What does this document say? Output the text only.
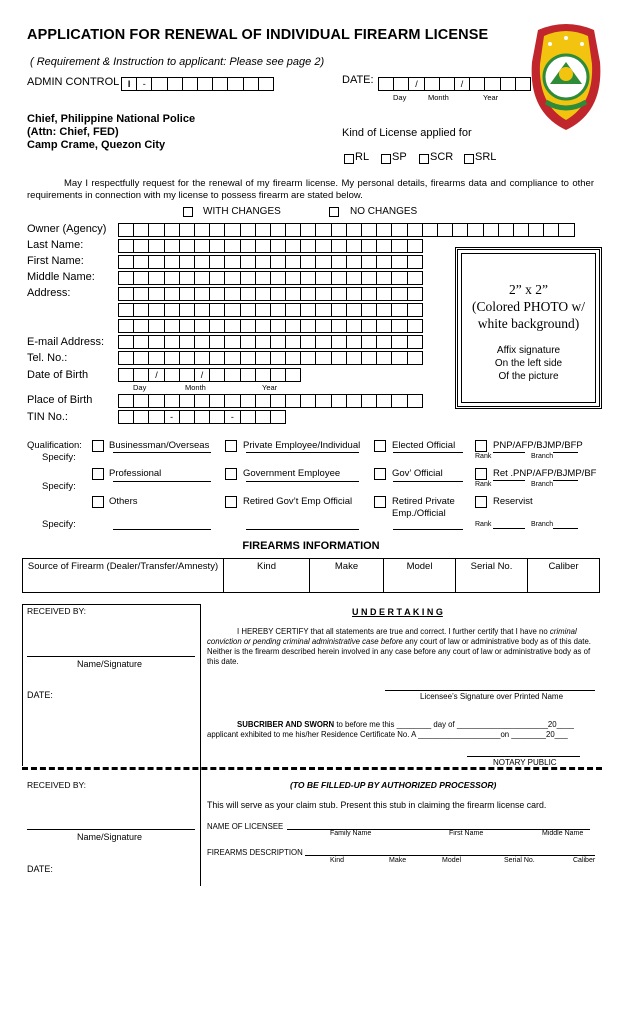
APPLICATION FOR RENEWAL OF INDIVIDUAL FIREARM LICENSE
( Requirement & Instruction to applicant: Please see page 2)
ADMIN CONTROL I	-	DATE:	/	/
Day	Month	Year
Chief, Philippine National Police
(Attn: Chief, FED)
Camp Crame, Quezon City
Kind of License applied for
RL SP SCR SRL
May I respectfully request for the renewal of my firearm license. My personal details, firearms data and compliance to other requirements in connection with my license to possess firearm are stated below.
WITH CHANGES	NO CHANGES
Owner (Agency)
Last Name:
First Name:
Middle Name:
Address:
E-mail Address:
Tel. No.:
Date of Birth
Place of Birth
TIN No.:
/	/
Day	Month	Year
-	-
2” x 2”
(Colored PHOTO w/
white background)
Affix signature
On the left side
Of the picture
Qualification:
Specify:
Specify:
Specify:
Businessman/Overseas	Private Employee/Individual	Elected Official	PNP/AFP/BJMP/BFP
Rank	Branch
Professional	Government Employee	Gov’ Official	Ret .PNP/AFP/BJMP/BF
Rank	Branch
Others	Retired Gov’t Emp Official	Retired Private
Emp./Official
Reservist
Rank	Branch
FIREARMS INFORMATION
Source of Firearm (Dealer/Transfer/Amnesty)	Kind	Make	Model	Serial No.	Caliber
RECEIVED BY:
Name/Signature
DATE:
U N D E R T A K I N G
I HEREBY CERTIFY that all statements are true and correct. I further certify that I have no criminal conviction or pending criminal administrative case before any court of law or administrative body as of this date. Neither is the firearm described herein involved in any case before any court of law or administrative body as of this date.
Licensee’s Signature over Printed Name
SUBCRIBER AND SWORN to before me this ________ day of _____________________20____
applicant exhibited to me his/her Residence Certificate No. A ___________________on ________20___
NOTARY PUBLIC
RECEIVED BY:
Name/Signature
DATE:
(TO BE FILLED-UP BY AUTHORIZED PROCESSOR)
This will serve as your claim stub. Present this stub in claiming the firearm license card.
NAME OF LICENSEE
Family Name	First Name	Middle Name
FIREARMS DESCRIPTION
Kind	Make	Model	Serial No.	Caliber
